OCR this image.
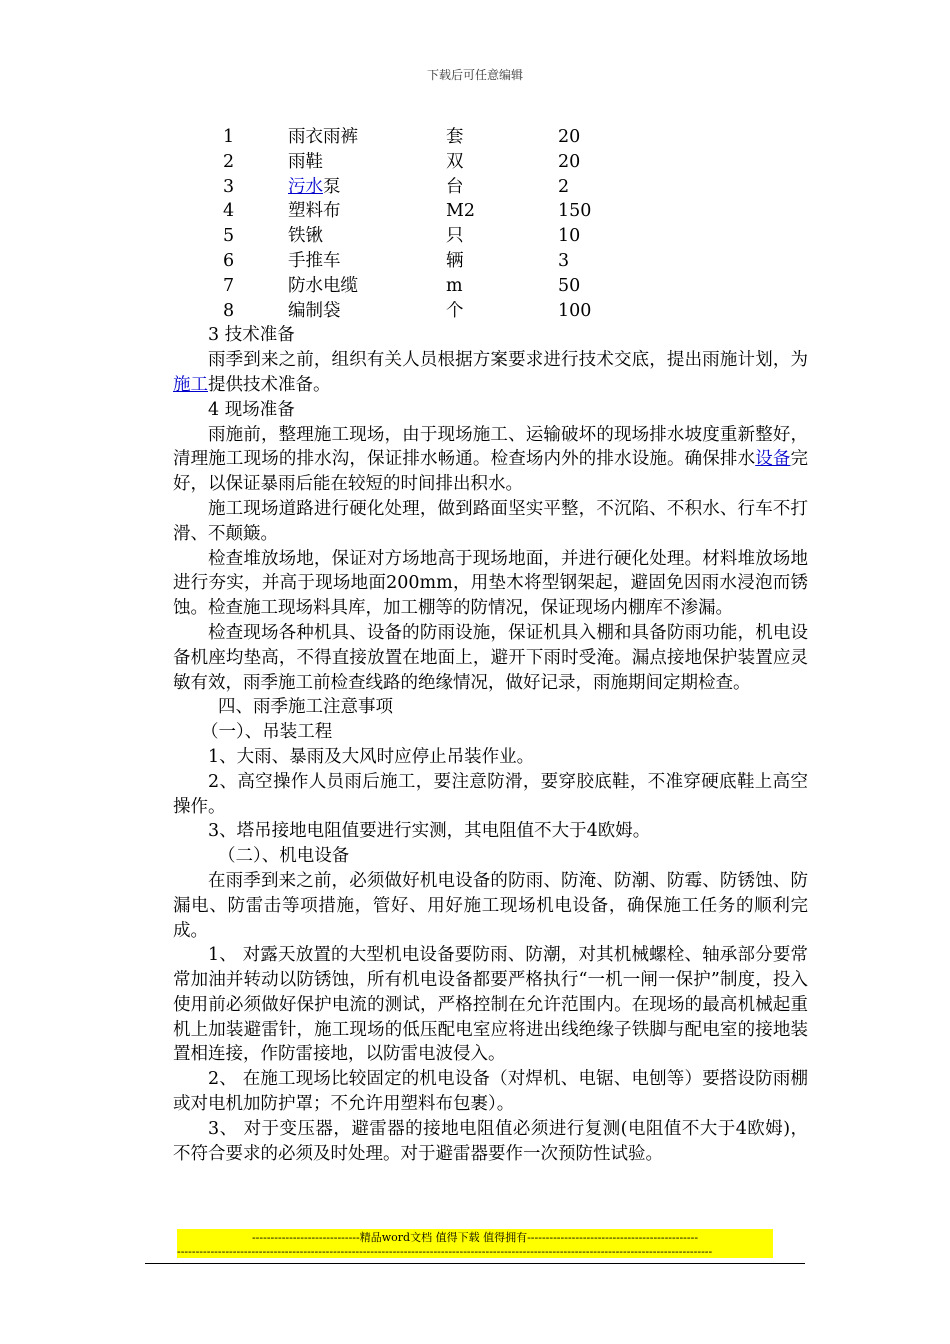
下载后可任意编辑
1	雨衣雨裤	套	20
2	雨鞋	双	20
3	污水泵	台	2
4	塑料布	M2	150
5	铁锹	只	10
6	手推车	辆	3
7	防水电缆	m	50
8	编制袋	个	100

3 技术准备

雨季到来之前，组织有关人员根据方案要求进行技术交底，提出雨施计划，为施工提供技术准备。

4 现场准备

雨施前，整理施工现场，由于现场施工、运输破坏的现场排水坡度重新整好，清理施工现场的排水沟，保证排水畅通。检查场内外的排水设施。确保排水设备完好，以保证暴雨后能在较短的时间排出积水。

施工现场道路进行硬化处理，做到路面坚实平整，不沉陷、不积水、行车不打滑、不颠簸。

检查堆放场地，保证对方场地高于现场地面，并进行硬化处理。材料堆放场地进行夯实，并高于现场地面200mm，用垫木将型钢架起，避固免因雨水浸泡而锈蚀。检查施工现场料具库，加工棚等的防情况，保证现场内棚库不渗漏。

检查现场各种机具、设备的防雨设施，保证机具入棚和具备防雨功能，机电设备机座均垫高，不得直接放置在地面上，避开下雨时受淹。漏点接地保护装置应灵敏有效，雨季施工前检查线路的绝缘情况，做好记录，雨施期间定期检查。

四、雨季施工注意事项

（一）、吊装工程

1、大雨、暴雨及大风时应停止吊装作业。

2、高空操作人员雨后施工，要注意防滑，要穿胶底鞋，不准穿硬底鞋上高空操作。

3、塔吊接地电阻值要进行实测，其电阻值不大于4欧姆。

（二）、机电设备

在雨季到来之前，必须做好机电设备的防雨、防淹、防潮、防霉、防锈蚀、防漏电、防雷击等项措施，管好、用好施工现场机电设备，确保施工任务的顺利完成。

1、 对露天放置的大型机电设备要防雨、防潮，对其机械螺栓、轴承部分要常常加油并转动以防锈蚀，所有机电设备都要严格执行“一机一闸一保护”制度，投入使用前必须做好保护电流的测试，严格控制在允许范围内。在现场的最高机械起重机上加装避雷针，施工现场的低压配电室应将进出线绝缘子铁脚与配电室的接地装置相连接，作防雷接地，以防雷电波侵入。

2、 在施工现场比较固定的机电设备（对焊机、电锯、电刨等）要搭设防雨棚或对电机加防护罩；不允许用塑料布包裹）。

3、 对于变压器，避雷器的接地电阻值必须进行复测(电阻值不大于4欧姆)，不符合要求的必须及时处理。对于避雷器要作一次预防性试验。

-----------------------------精品word文档 值得下载 值得拥有----------------------------------------------
------------------------------------------------------------------------------------------------------------------------------------------------
